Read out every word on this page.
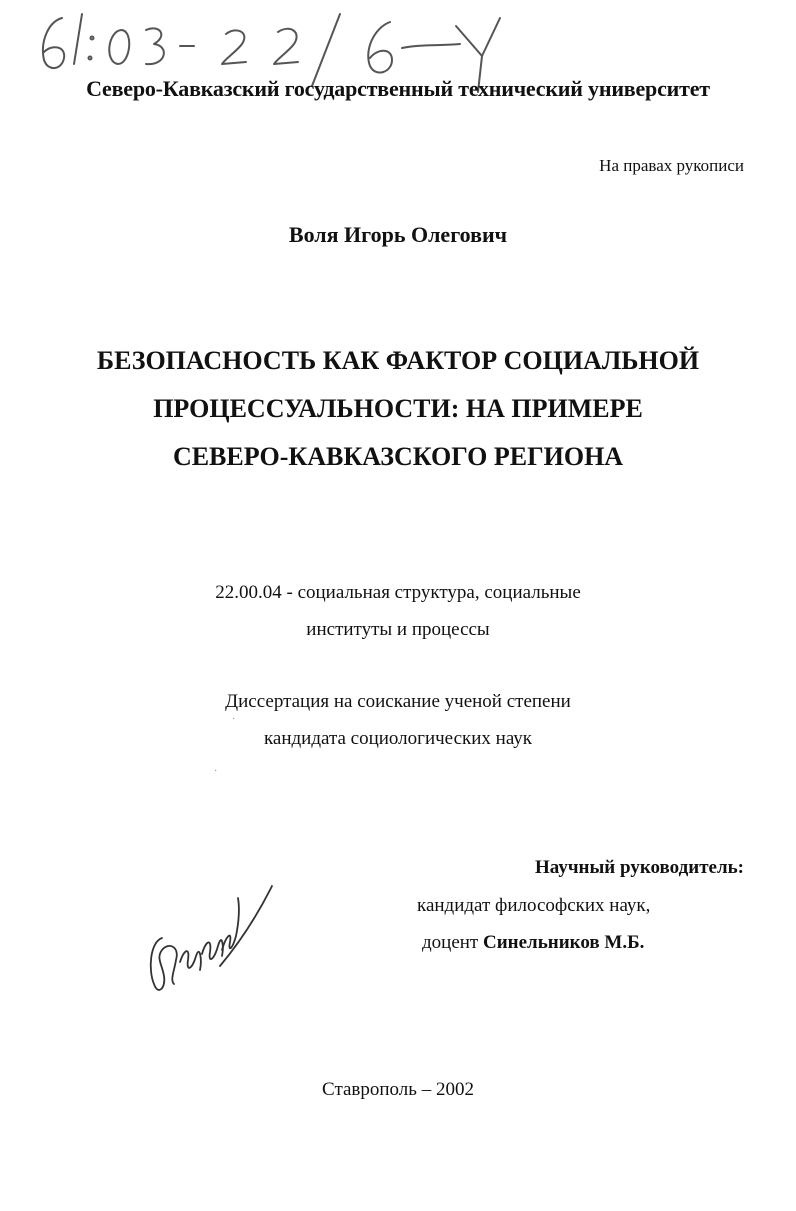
Северо-Кавказский государственный технический университет
На правах рукописи
Воля Игорь Олегович
БЕЗОПАСНОСТЬ КАК ФАКТОР СОЦИАЛЬНОЙ
ПРОЦЕССУАЛЬНОСТИ: НА ПРИМЕРЕ
СЕВЕРО-КАВКАЗСКОГО РЕГИОНА
22.00.04 - социальная структура, социальные
институты и процессы
Диссертация на соискание ученой степени
кандидата социологических наук
·
·
Научный руководитель:
кандидат философских наук,
доцент Синельников М.Б.
Ставрополь – 2002
